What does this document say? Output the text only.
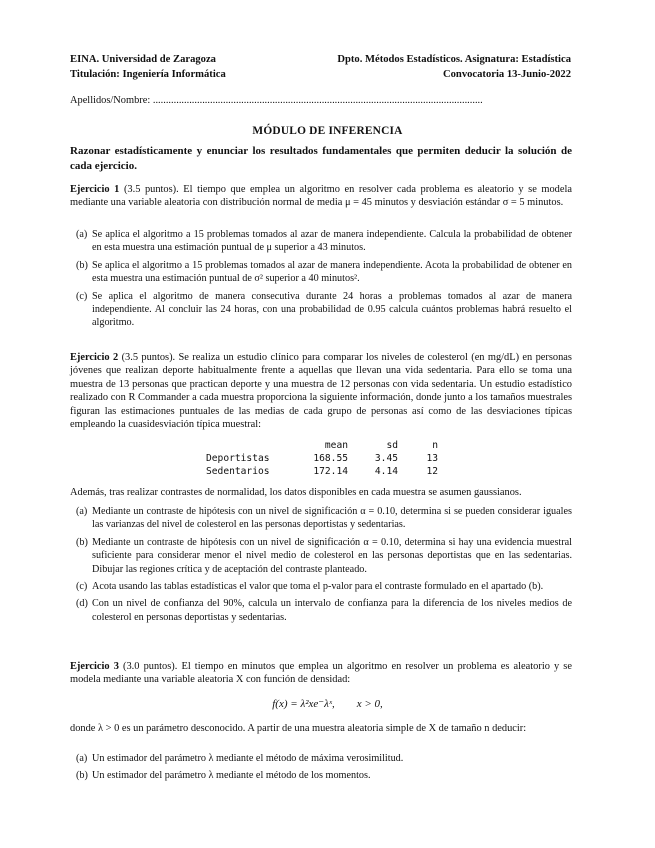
EINA. Universidad de Zaragoza
Titulación: Ingeniería Informática
Dpto. Métodos Estadísticos. Asignatura: Estadística
Convocatoria 13-Junio-2022
Apellidos/Nombre: ...............................................................................................................................
MÓDULO DE INFERENCIA
Razonar estadísticamente y enunciar los resultados fundamentales que permiten deducir la solución de cada ejercicio.

Ejercicio 1 (3.5 puntos). El tiempo que emplea un algoritmo en resolver cada problema es aleatorio y se modela mediante una variable aleatoria con distribución normal de media μ = 45 minutos y desviación estándar σ = 5 minutos.

(a) Se aplica el algoritmo a 15 problemas tomados al azar de manera independiente. Calcula la probabilidad de obtener en esta muestra una estimación puntual de μ superior a 43 minutos.
(b) Se aplica el algoritmo a 15 problemas tomados al azar de manera independiente. Acota la probabilidad de obtener en esta muestra una estimación puntual de σ² superior a 40 minutos².
(c) Se aplica el algoritmo de manera consecutiva durante 24 horas a problemas tomados al azar de manera independiente. Al concluir las 24 horas, con una probabilidad de 0.95 calcula cuántos problemas habrá resuelto el algoritmo.

Ejercicio 2 (3.5 puntos). Se realiza un estudio clínico para comparar los niveles de colesterol (en mg/dL) en personas jóvenes que realizan deporte habitualmente frente a aquellas que llevan una vida sedentaria. Para ello se toma una muestra de 13 personas que practican deporte y una muestra de 12 personas con vida sedentaria. Un estudio estadístico realizado con R Commander a cada muestra proporciona la siguiente información, donde junto a los tamaños muestrales figuran las estimaciones puntuales de las medias de cada grupo de personas así como de las desviaciones típicas empleando la cuasidesviación típica muestral:

	mean	sd	n
Deportistas	168.55	3.45	13
Sedentarios	172.14	4.14	12

Además, tras realizar contrastes de normalidad, los datos disponibles en cada muestra se asumen gaussianos.

(a) Mediante un contraste de hipótesis con un nivel de significación α = 0.10, determina si se pueden considerar iguales las varianzas del nivel de colesterol en las personas deportistas y sedentarias.
(b) Mediante un contraste de hipótesis con un nivel de significación α = 0.10, determina si hay una evidencia muestral suficiente para considerar menor el nivel medio de colesterol en las personas deportistas que en las sedentarias. Dibujar las regiones crítica y de aceptación del contraste planteado.
(c) Acota usando las tablas estadísticas el valor que toma el p-valor para el contraste formulado en el apartado (b).
(d) Con un nivel de confianza del 90%, calcula un intervalo de confianza para la diferencia de los niveles medios de colesterol en personas deportistas y sedentarias.

Ejercicio 3 (3.0 puntos). El tiempo en minutos que emplea un algoritmo en resolver un problema es aleatorio y se modela mediante una variable aleatoria X con función de densidad:

f(x) = λ²xe⁻λˣ,        x > 0,

donde λ > 0 es un parámetro desconocido. A partir de una muestra aleatoria simple de X de tamaño n deducir:

(a) Un estimador del parámetro λ mediante el método de máxima verosimilitud.
(b) Un estimador del parámetro λ mediante el método de los momentos.
